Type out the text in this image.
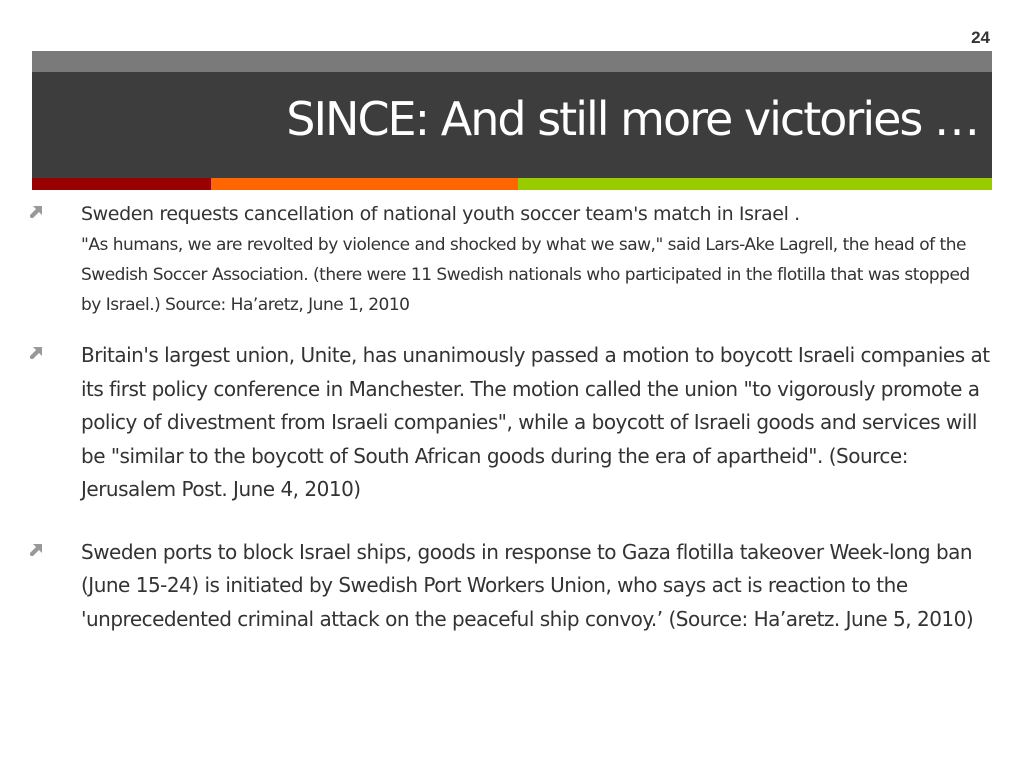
24
SINCE: And still more victories …
Sweden requests cancellation of national youth soccer team's match in Israel .
"As humans, we are revolted by violence and shocked by what we saw," said Lars-Ake Lagrell, the head of the Swedish Soccer Association. (there were 11 Swedish nationals who participated in the flotilla that was stopped by Israel.) Source: Ha’aretz, June 1, 2010
Britain's largest union, Unite, has unanimously passed a motion to boycott Israeli companies at its first policy conference in Manchester. The motion called the union "to vigorously promote a policy of divestment from Israeli companies", while a boycott of Israeli goods and services will be "similar to the boycott of South African goods during the era of apartheid". (Source: Jerusalem Post. June 4, 2010)
Sweden ports to block Israel ships, goods in response to Gaza flotilla takeover Week-long ban (June 15-24) is initiated by Swedish Port Workers Union, who says act is reaction to the 'unprecedented criminal attack on the peaceful ship convoy.’ (Source: Ha’aretz. June 5, 2010)
